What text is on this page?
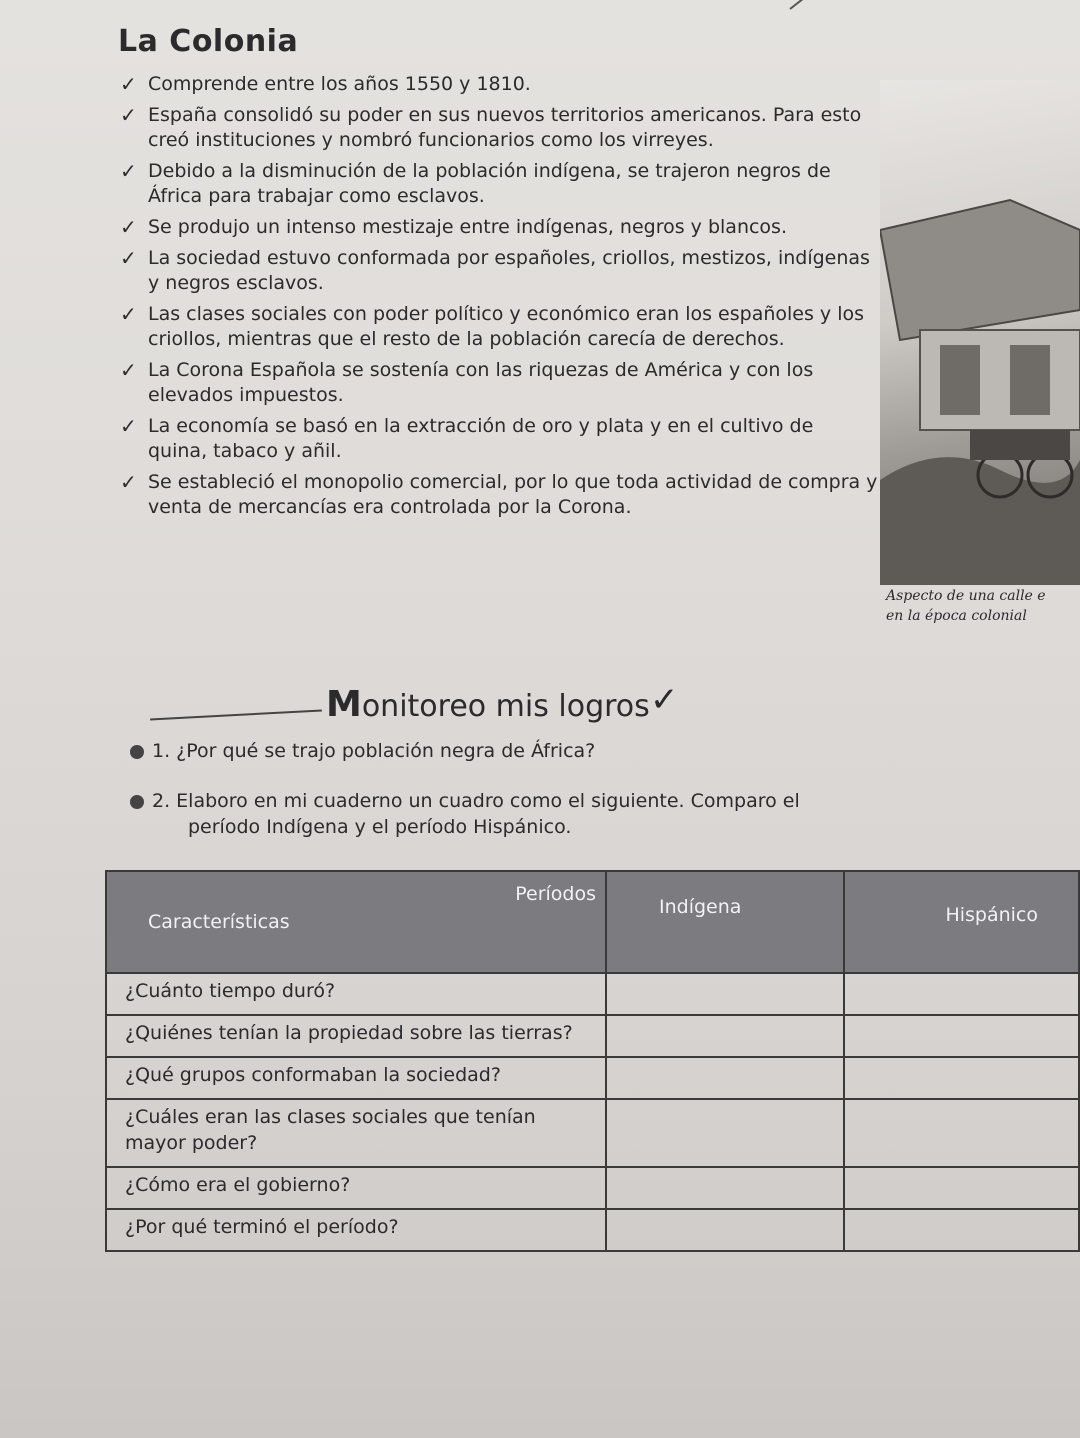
La Colonia
✓ Comprende entre los años 1550 y 1810.
✓ España consolidó su poder en sus nuevos territorios americanos. Para esto creó instituciones y nombró funcionarios como los virreyes.
✓ Debido a la disminución de la población indígena, se trajeron negros de África para trabajar como esclavos.
✓ Se produjo un intenso mestizaje entre indígenas, negros y blancos.
✓ La sociedad estuvo conformada por españoles, criollos, mestizos, indígenas y negros esclavos.
✓ Las clases sociales con poder político y económico eran los españoles y los criollos, mientras que el resto de la población carecía de derechos.
✓ La Corona Española se sostenía con las riquezas de América y con los elevados impuestos.
✓ La economía se basó en la extracción de oro y plata y en el cultivo de quina, tabaco y añil.
✓ Se estableció el monopolio comercial, por lo que toda actividad de compra y venta de mercancías era controlada por la Corona.
Aspecto de una calle e
en la época colonial
Monitoreo mis logros ✓
1. ¿Por qué se trajo población negra de África?
2. Elaboro en mi cuaderno un cuadro como el siguiente. Comparo el
período Indígena y el período Hispánico.
Períodos
Características	Indígena	Hispánico
¿Cuánto tiempo duró?		
¿Quiénes tenían la propiedad sobre las tierras?		
¿Qué grupos conformaban la sociedad?		
¿Cuáles eran las clases sociales que tenían mayor poder?		
¿Cómo era el gobierno?		
¿Por qué terminó el período?		
